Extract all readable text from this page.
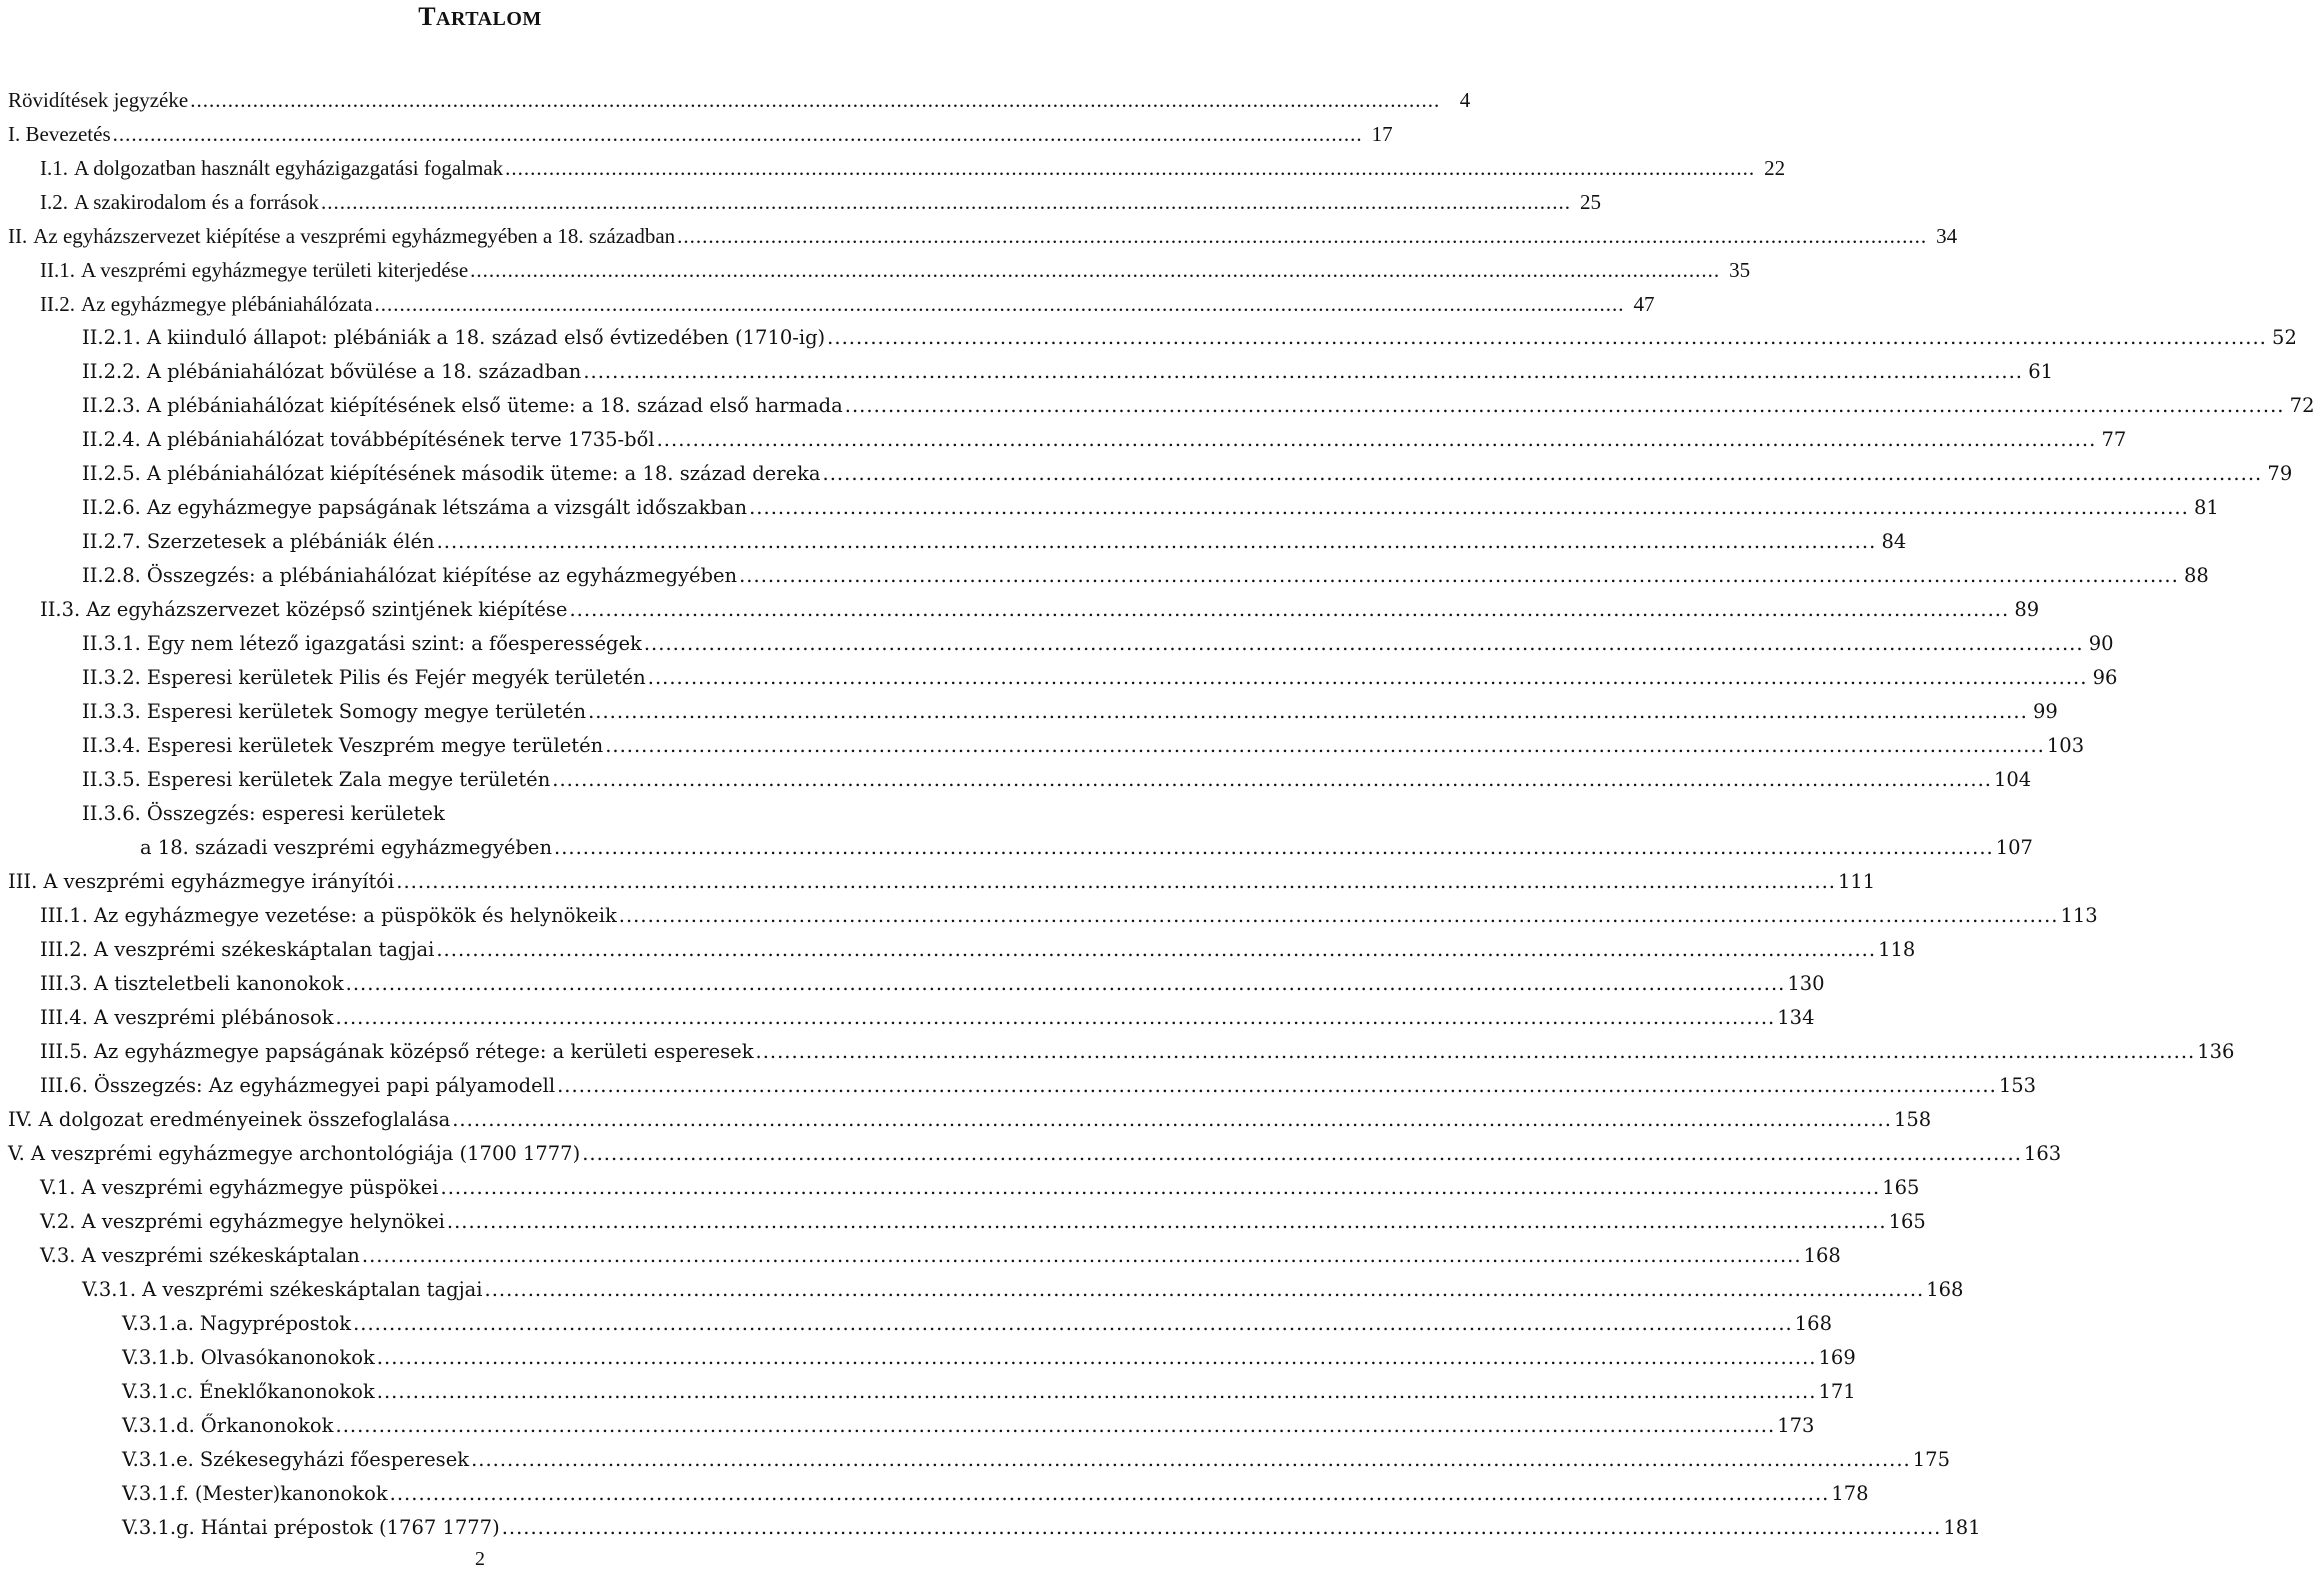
TARTALOM
Rövidítések jegyzéke ........................................................................................................................................................................................................ 4
I. Bevezetés ........................................................................................................................................................................................................ 17
I.1. A dolgozatban használt egyházigazgatási fogalmak ........................................................................................................................................................................................................ 22
I.2. A szakirodalom és a források ........................................................................................................................................................................................................ 25
II. Az egyházszervezet kiépítése a veszprémi egyházmegyében a 18. században ........................................................................................................................................................................................................ 34
II.1. A veszprémi egyházmegye területi kiterjedése ........................................................................................................................................................................................................ 35
II.2. Az egyházmegye plébániahálózata ........................................................................................................................................................................................................ 47
II.2.1. A kiinduló állapot: plébániák a 18. század első évtizedében (1710-ig) ........................................................................................................................................................................................................ 52
II.2.2. A plébániahálózat bővülése a 18. században ........................................................................................................................................................................................................ 61
II.2.3. A plébániahálózat kiépítésének első üteme: a 18. század első harmada ........................................................................................................................................................................................................ 72
II.2.4. A plébániahálózat továbbépítésének terve 1735-ből ........................................................................................................................................................................................................ 77
II.2.5. A plébániahálózat kiépítésének második üteme: a 18. század dereka ........................................................................................................................................................................................................ 79
II.2.6. Az egyházmegye papságának létszáma a vizsgált időszakban ........................................................................................................................................................................................................ 81
II.2.7. Szerzetesek a plébániák élén ........................................................................................................................................................................................................ 84
II.2.8. Összegzés: a plébániahálózat kiépítése az egyházmegyében ........................................................................................................................................................................................................ 88
II.3. Az egyházszervezet középső szintjének kiépítése ........................................................................................................................................................................................................ 89
II.3.1. Egy nem létező igazgatási szint: a főesperességek ........................................................................................................................................................................................................ 90
II.3.2. Esperesi kerületek Pilis és Fejér megyék területén ........................................................................................................................................................................................................ 96
II.3.3. Esperesi kerületek Somogy megye területén ........................................................................................................................................................................................................ 99
II.3.4. Esperesi kerületek Veszprém megye területén ........................................................................................................................................................................................................ 103
II.3.5. Esperesi kerületek Zala megye területén ........................................................................................................................................................................................................ 104
II.3.6. Összegzés: esperesi kerületek
a 18. századi veszprémi egyházmegyében ........................................................................................................................................................................................................ 107
III. A veszprémi egyházmegye irányítói ........................................................................................................................................................................................................ 111
III.1. Az egyházmegye vezetése: a püspökök és helynökeik ........................................................................................................................................................................................................ 113
III.2. A veszprémi székeskáptalan tagjai ........................................................................................................................................................................................................ 118
III.3. A tiszteletbeli kanonokok ........................................................................................................................................................................................................ 130
III.4. A veszprémi plébánosok ........................................................................................................................................................................................................ 134
III.5. Az egyházmegye papságának középső rétege: a kerületi esperesek ........................................................................................................................................................................................................ 136
III.6. Összegzés: Az egyházmegyei papi pályamodell ........................................................................................................................................................................................................ 153
IV. A dolgozat eredményeinek összefoglalása ........................................................................................................................................................................................................ 158
V. A veszprémi egyházmegye archontológiája (1700 1777) ........................................................................................................................................................................................................ 163
V.1. A veszprémi egyházmegye püspökei ........................................................................................................................................................................................................ 165
V.2. A veszprémi egyházmegye helynökei ........................................................................................................................................................................................................ 165
V.3. A veszprémi székeskáptalan ........................................................................................................................................................................................................ 168
V.3.1. A veszprémi székeskáptalan tagjai ........................................................................................................................................................................................................ 168
V.3.1.a. Nagyprépostok ........................................................................................................................................................................................................ 168
V.3.1.b. Olvasókanonokok ........................................................................................................................................................................................................ 169
V.3.1.c. Éneklőkanonokok ........................................................................................................................................................................................................ 171
V.3.1.d. Őrkanonokok ........................................................................................................................................................................................................ 173
V.3.1.e. Székesegyházi főesperesek ........................................................................................................................................................................................................ 175
V.3.1.f. (Mester)kanonokok ........................................................................................................................................................................................................ 178
V.3.1.g. Hántai prépostok (1767 1777) ........................................................................................................................................................................................................ 181
2
